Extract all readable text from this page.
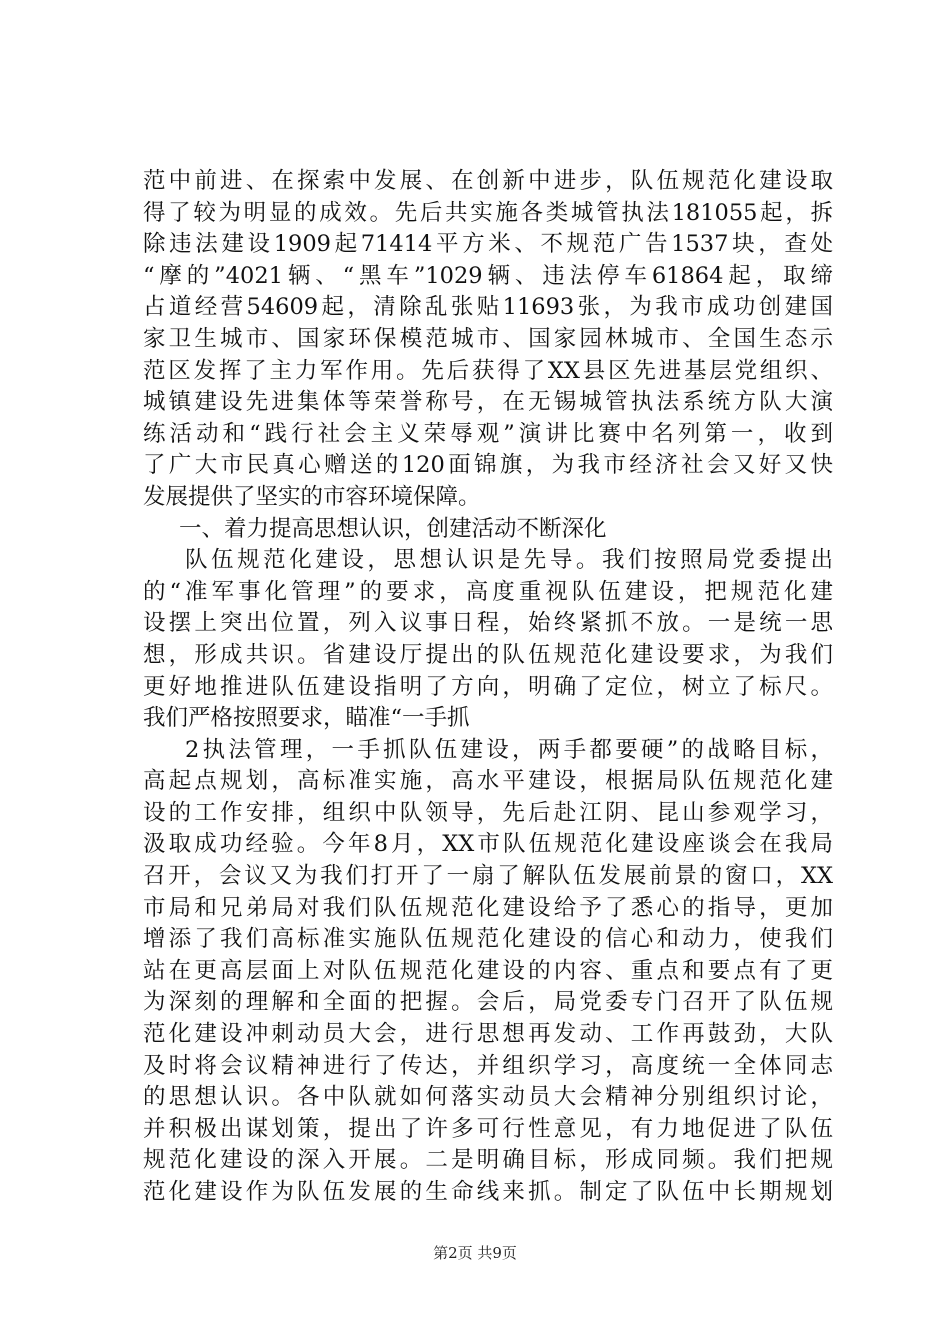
范中前进、在探索中发展、在创新中进步，队伍规范化建设取
得了较为明显的成效。先后共实施各类城管执法181055起，拆
除违法建设1909起71414平方米、不规范广告1537块，查处
“摩的”4021辆、“黑车”1029辆、违法停车61864起，取缔
占道经营54609起，清除乱张贴11693张，为我市成功创建国
家卫生城市、国家环保模范城市、国家园林城市、全国生态示
范区发挥了主力军作用。先后获得了XX县区先进基层党组织、
城镇建设先进集体等荣誉称号，在无锡城管执法系统方队大演
练活动和“践行社会主义荣辱观”演讲比赛中名列第一，收到
了广大市民真心赠送的120面锦旗，为我市经济社会又好又快
发展提供了坚实的市容环境保障。
一、着力提高思想认识，创建活动不断深化
队伍规范化建设，思想认识是先导。我们按照局党委提出
的“准军事化管理”的要求，高度重视队伍建设，把规范化建
设摆上突出位置，列入议事日程，始终紧抓不放。一是统一思
想，形成共识。省建设厅提出的队伍规范化建设要求，为我们
更好地推进队伍建设指明了方向，明确了定位，树立了标尺。
我们严格按照要求，瞄准“一手抓
2执法管理，一手抓队伍建设，两手都要硬”的战略目标，
高起点规划，高标准实施，高水平建设，根据局队伍规范化建
设的工作安排，组织中队领导，先后赴江阴、昆山参观学习，
汲取成功经验。今年8月，XX市队伍规范化建设座谈会在我局
召开，会议又为我们打开了一扇了解队伍发展前景的窗口，XX
市局和兄弟局对我们队伍规范化建设给予了悉心的指导，更加
增添了我们高标准实施队伍规范化建设的信心和动力，使我们
站在更高层面上对队伍规范化建设的内容、重点和要点有了更
为深刻的理解和全面的把握。会后，局党委专门召开了队伍规
范化建设冲刺动员大会，进行思想再发动、工作再鼓劲，大队
及时将会议精神进行了传达，并组织学习，高度统一全体同志
的思想认识。各中队就如何落实动员大会精神分别组织讨论，
并积极出谋划策，提出了许多可行性意见，有力地促进了队伍
规范化建设的深入开展。二是明确目标，形成同频。我们把规
范化建设作为队伍发展的生命线来抓。制定了队伍中长期规划
第2页 共9页
